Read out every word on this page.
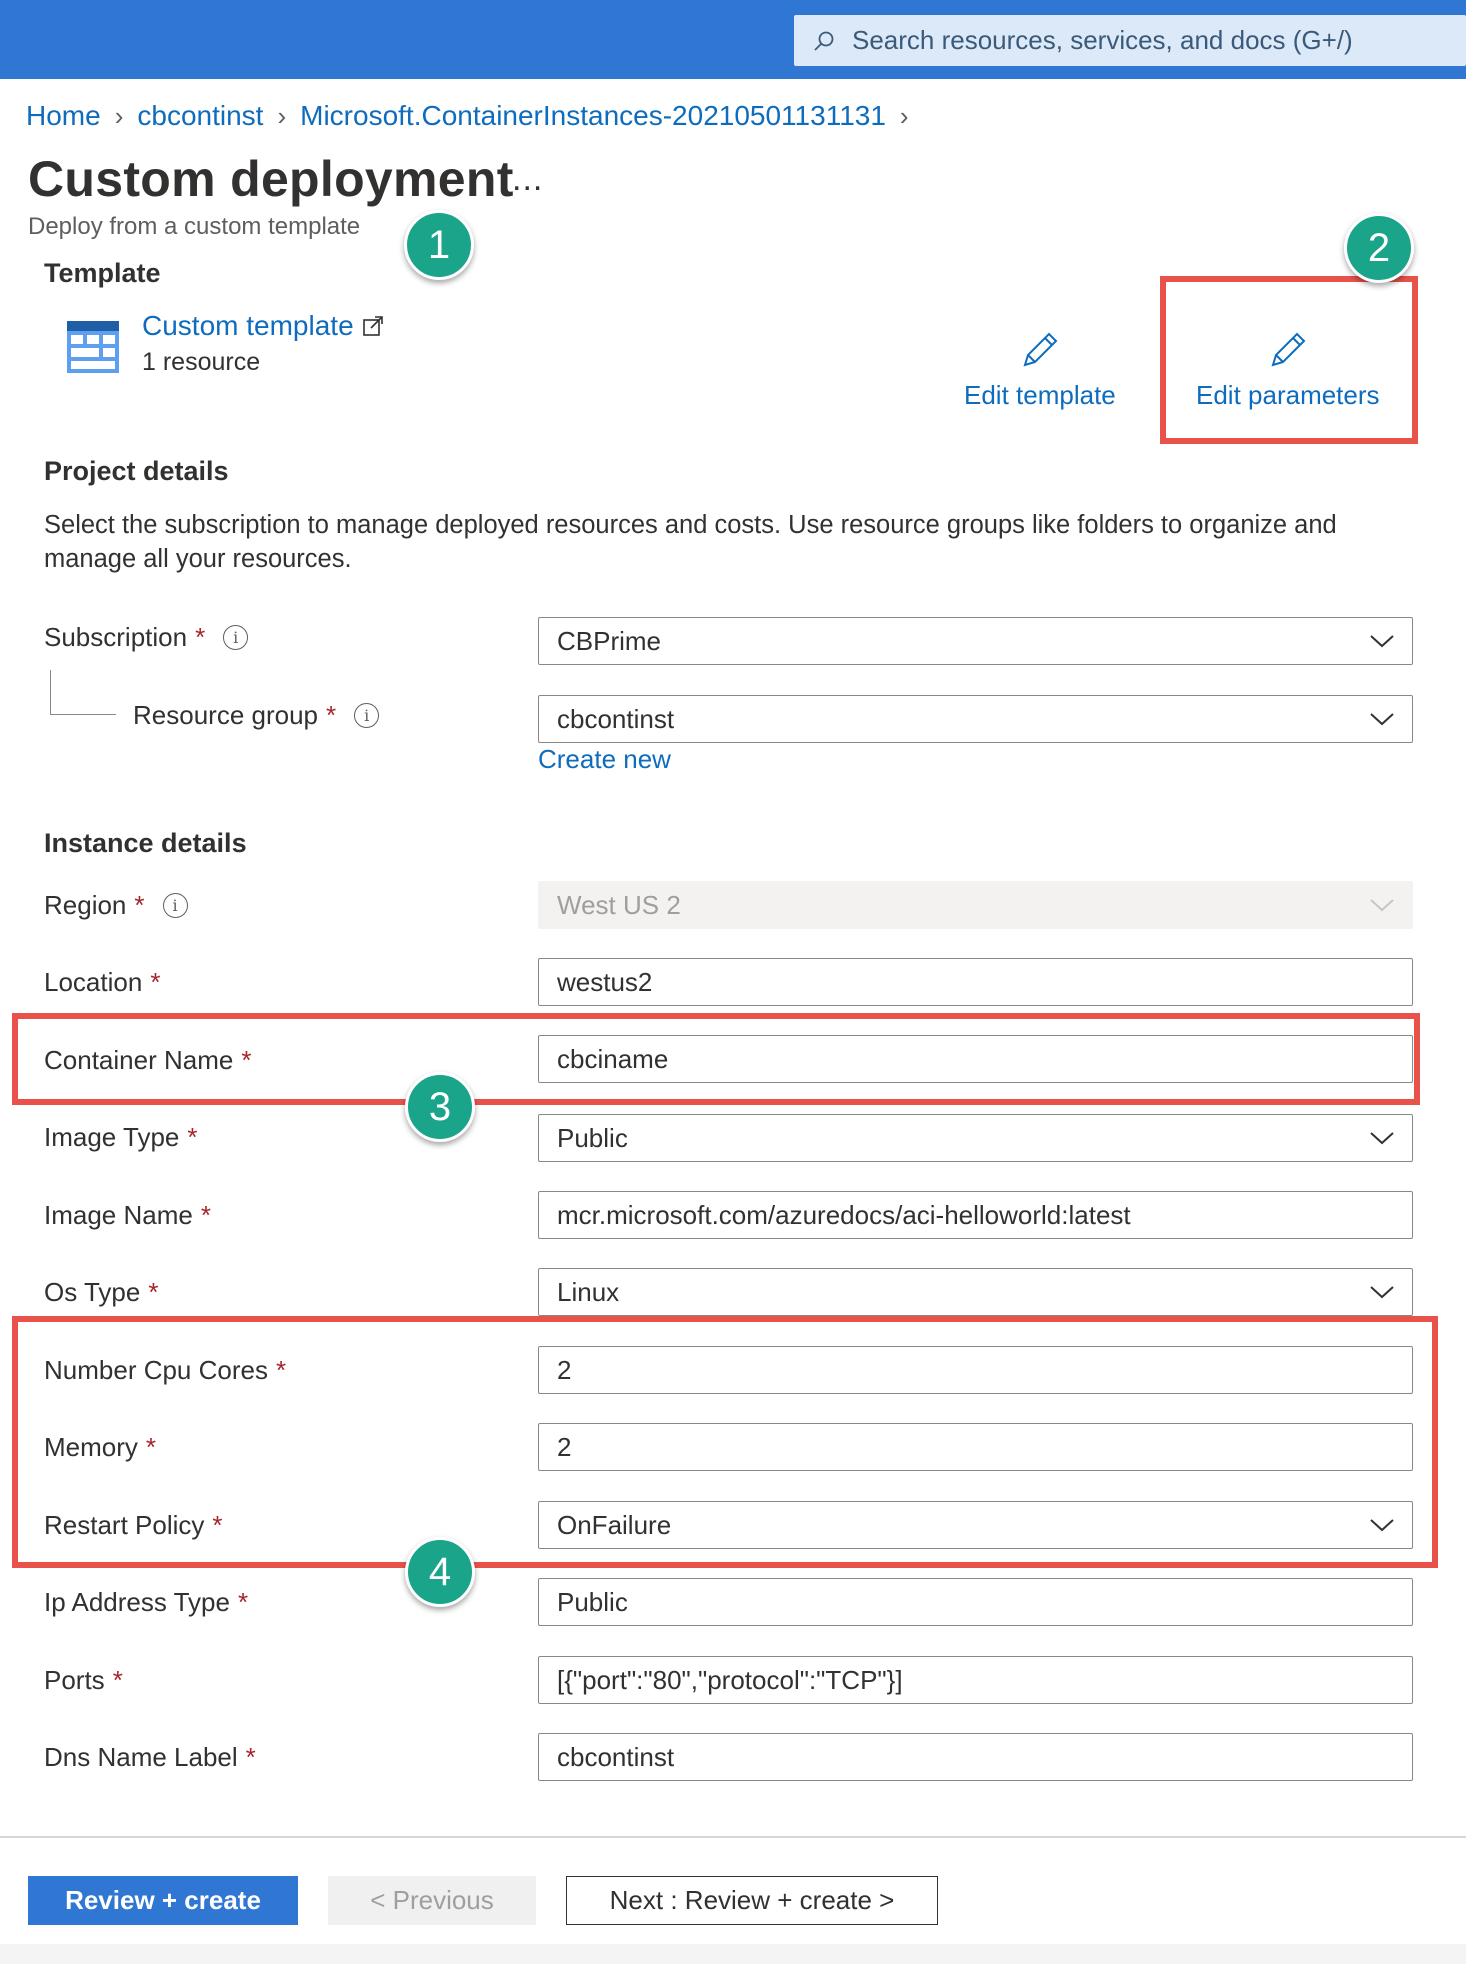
Search resources, services, and docs (G+/)
Home › cbcontinst › Microsoft.ContainerInstances-20210501131131 ›
Custom deployment
...
Deploy from a custom template
Template
Custom template
1 resource
Edit template	Edit parameters
Project details
Select the subscription to manage deployed resources and costs. Use resource groups like folders to organize and manage all your resources.
Subscription *	i	CBPrime
Resource group *	i	cbcontinst
Create new
Instance details
Region *	i	West US 2
Location *	westus2
Container Name *	cbciname
Image Type *	Public
Image Name *	mcr.microsoft.com/azuredocs/aci-helloworld:latest
Os Type *	Linux
Number Cpu Cores *	2
Memory *	2
Restart Policy *	OnFailure
Ip Address Type *	Public
Ports *	[{"port":"80","protocol":"TCP"}]
Dns Name Label *	cbcontinst
1	2
3
4
Review + create	< Previous	Next : Review + create >
